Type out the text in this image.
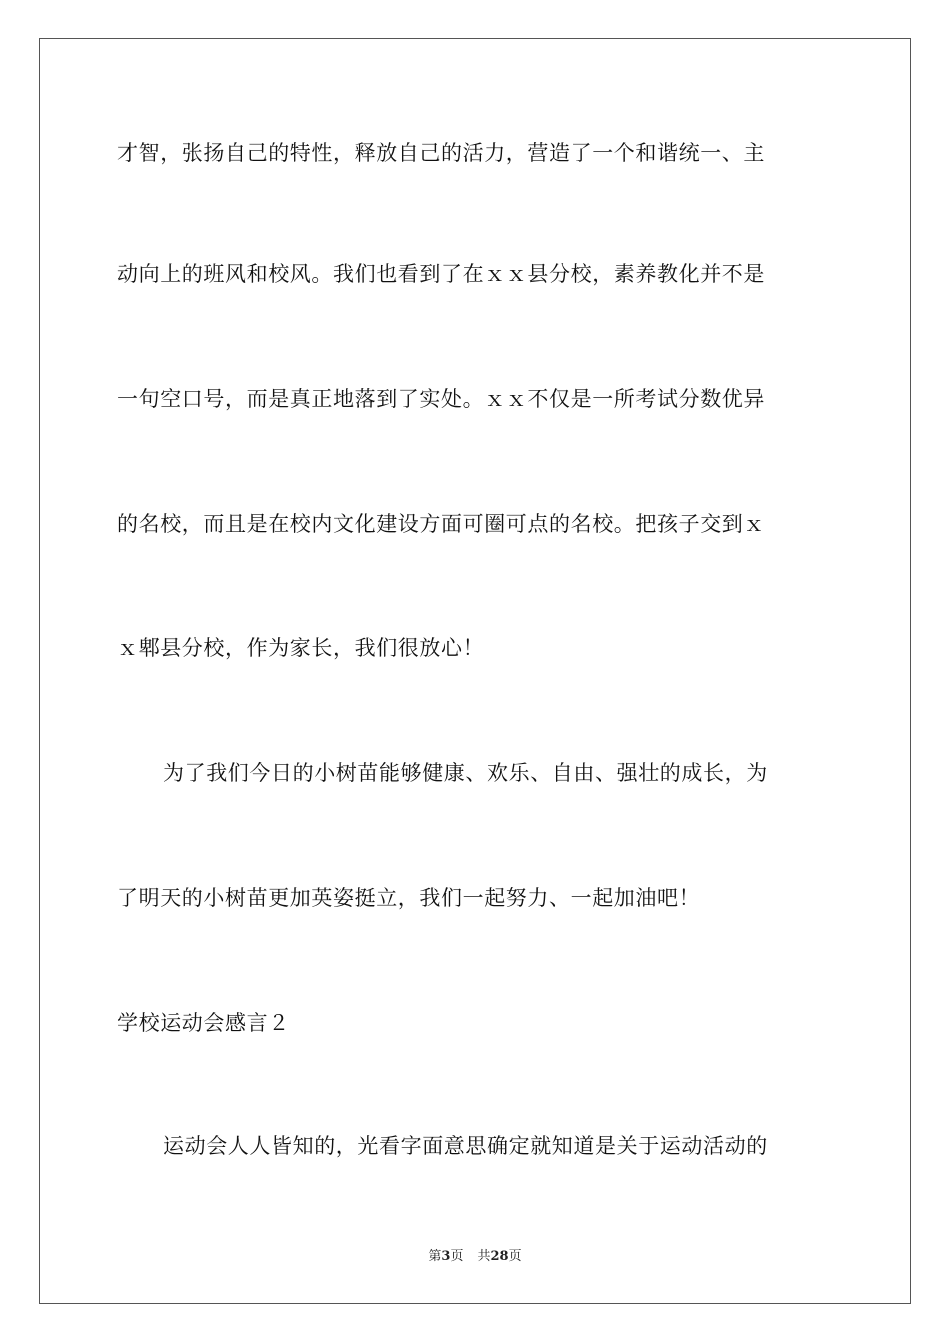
才智，张扬自己的特性，释放自己的活力，营造了一个和谐统一、主
动向上的班风和校风。我们也看到了在ｘｘ县分校，素养教化并不是
一句空口号，而是真正地落到了实处。ｘｘ不仅是一所考试分数优异
的名校，而且是在校内文化建设方面可圈可点的名校。把孩子交到ｘ
ｘ郫县分校，作为家长，我们很放心！
为了我们今日的小树苗能够健康、欢乐、自由、强壮的成长，为
了明天的小树苗更加英姿挺立，我们一起努力、一起加油吧！
学校运动会感言２
运动会人人皆知的，光看字面意思确定就知道是关于运动活动的
第3页 共28页
